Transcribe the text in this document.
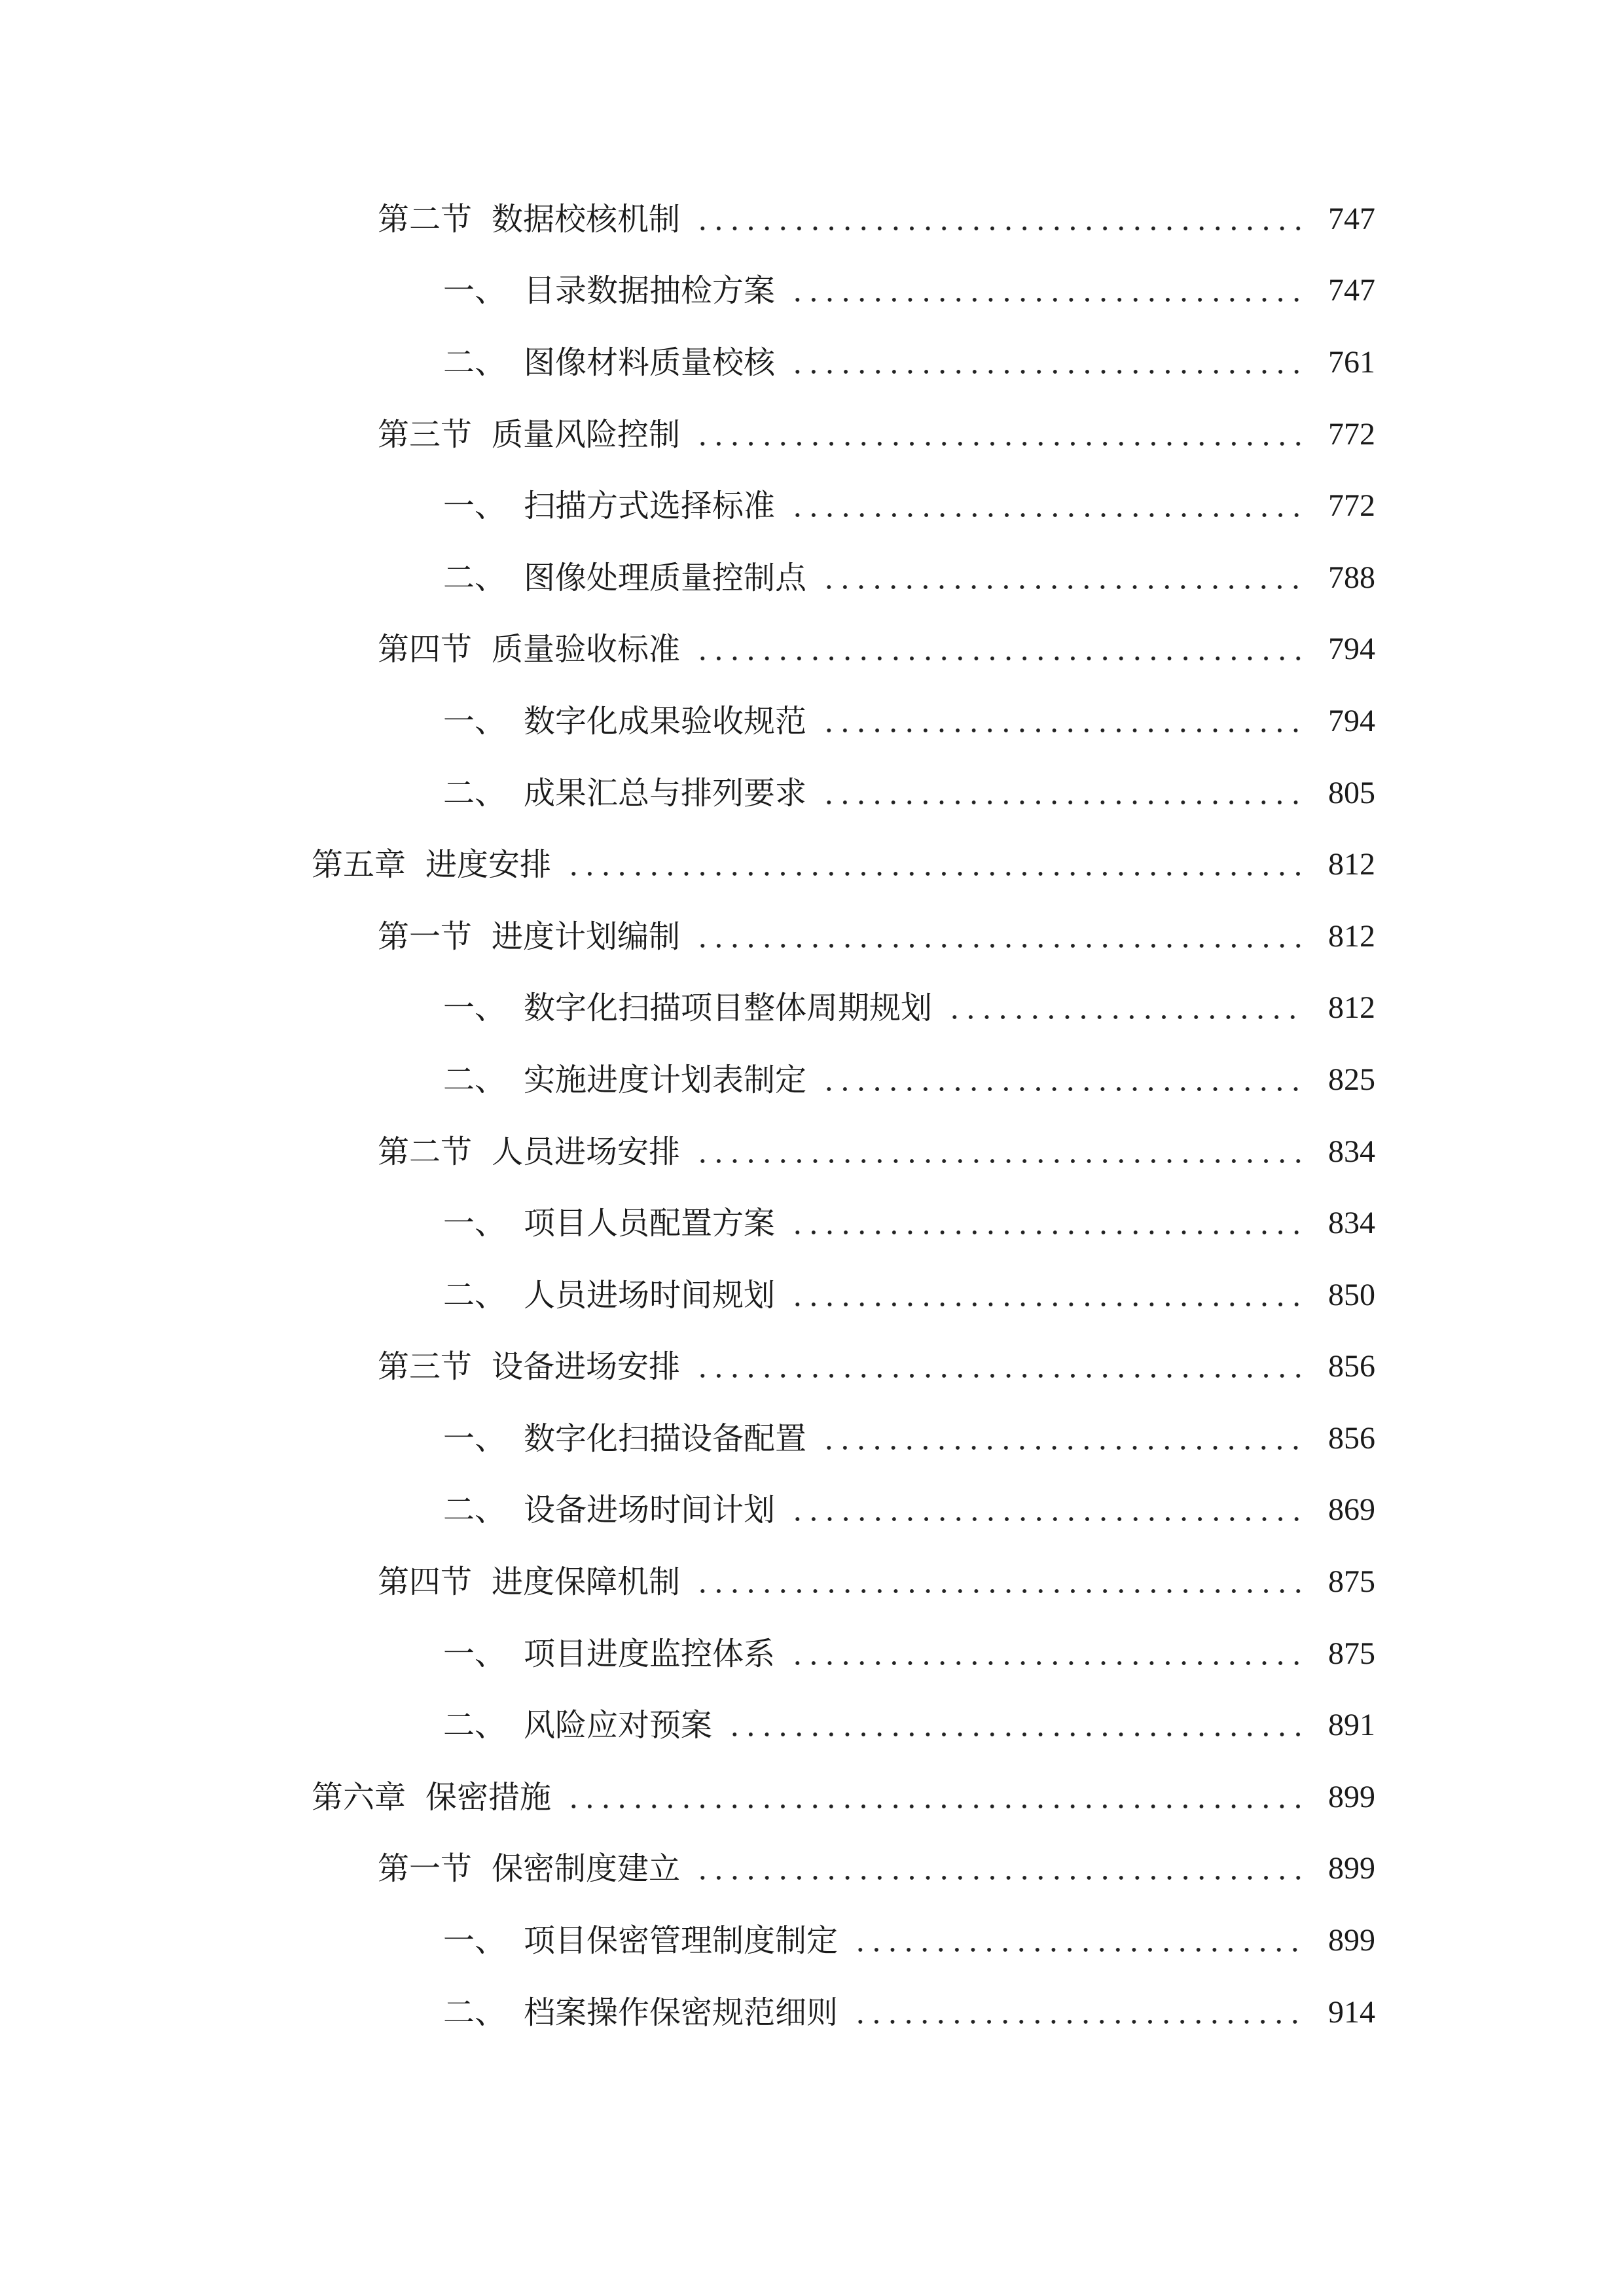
第二节 数据校核机制	747
一、 目录数据抽检方案	747
二、 图像材料质量校核	761
第三节 质量风险控制	772
一、 扫描方式选择标准	772
二、 图像处理质量控制点	788
第四节 质量验收标准	794
一、 数字化成果验收规范	794
二、 成果汇总与排列要求	805
第五章 进度安排	812
第一节 进度计划编制	812
一、 数字化扫描项目整体周期规划	812
二、 实施进度计划表制定	825
第二节 人员进场安排	834
一、 项目人员配置方案	834
二、 人员进场时间规划	850
第三节 设备进场安排	856
一、 数字化扫描设备配置	856
二、 设备进场时间计划	869
第四节 进度保障机制	875
一、 项目进度监控体系	875
二、 风险应对预案	891
第六章 保密措施	899
第一节 保密制度建立	899
一、 项目保密管理制度制定	899
二、 档案操作保密规范细则	914
